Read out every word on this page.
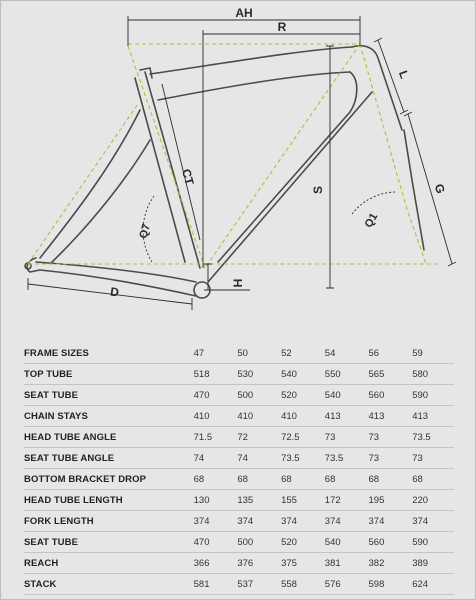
AH
R
L
CT
S	G
Q7
Q1
H
D
FRAME SIZES	47	50	52	54	56	59
TOP TUBE	518	530	540	550	565	580
SEAT TUBE	470	500	520	540	560	590
CHAIN STAYS	410	410	410	413	413	413
HEAD TUBE ANGLE	71.5	72	72.5	73	73	73.5
SEAT TUBE ANGLE	74	74	73.5	73.5	73	73
BOTTOM BRACKET DROP	68	68	68	68	68	68
HEAD TUBE LENGTH	130	135	155	172	195	220
FORK LENGTH	374	374	374	374	374	374
SEAT TUBE	470	500	520	540	560	590
REACH	366	376	375	381	382	389
STACK	581	537	558	576	598	624
